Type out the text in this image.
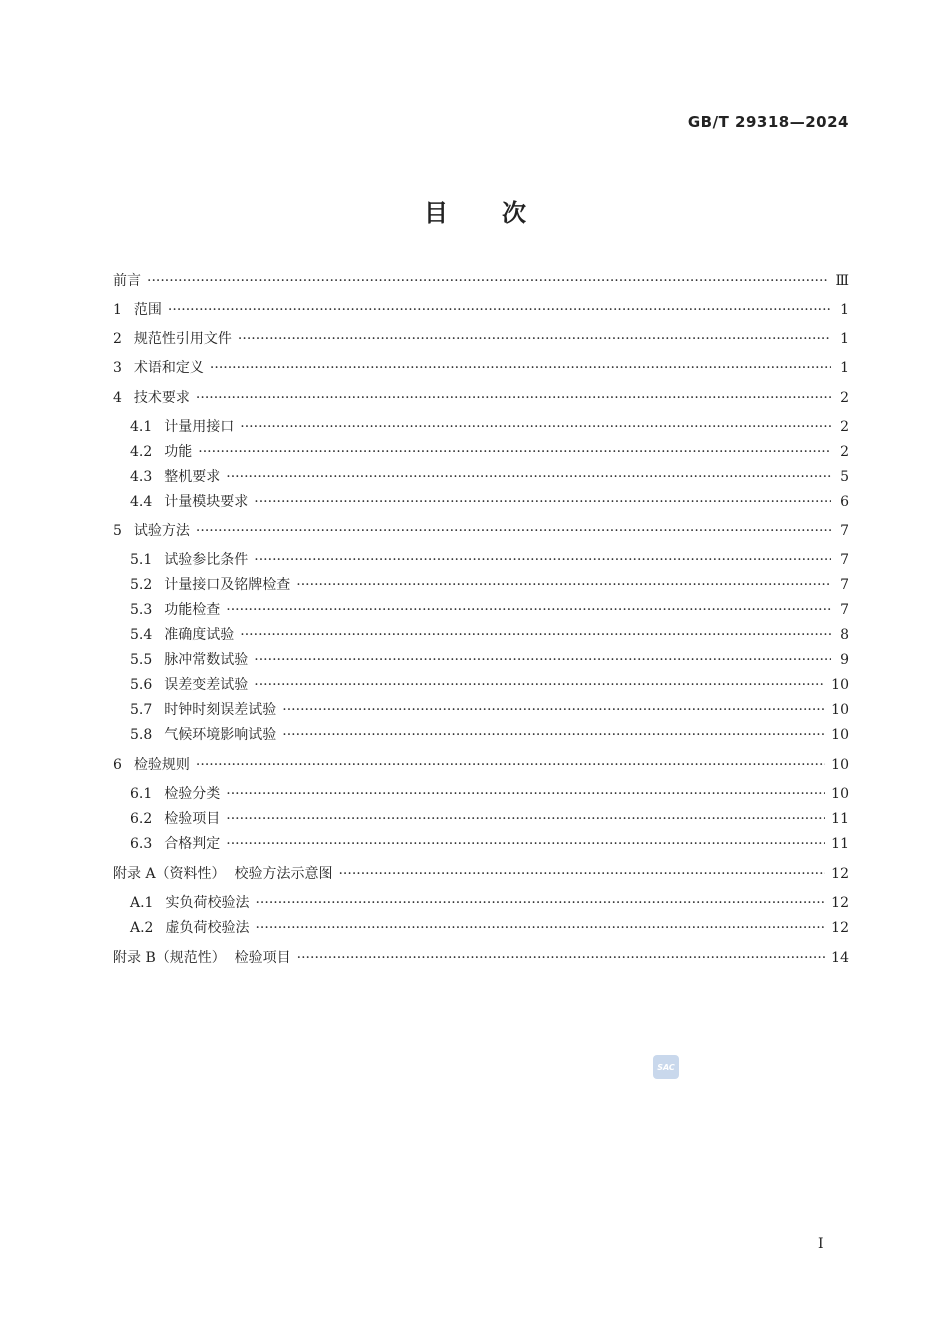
GB/T 29318—2024
目次
前言 ·····	Ⅲ
1 范围 ·····	1
2 规范性引用文件 ·····	1
3 术语和定义 ·····	1
4 技术要求 ·····	2
4.1 计量用接口 ·····	2
4.2 功能 ·····	2
4.3 整机要求 ·····	5
4.4 计量模块要求 ·····	6
5 试验方法 ·····	7
5.1 试验参比条件 ·····	7
5.2 计量接口及铭牌检查 ·····	7
5.3 功能检查 ·····	7
5.4 准确度试验 ·····	8
5.5 脉冲常数试验 ·····	9
5.6 误差变差试验 ·····	10
5.7 时钟时刻误差试验 ·····	10
5.8 气候环境影响试验 ·····	10
6 检验规则 ·····	10
6.1 检验分类 ·····	10
6.2 检验项目 ·····	11
6.3 合格判定 ·····	11
附录 A（资料性）  校验方法示意图 ·····	12
A.1 实负荷校验法 ·····	12
A.2 虚负荷校验法 ·····	12
附录 B（规范性）  检验项目 ·····	14
SAC
I
